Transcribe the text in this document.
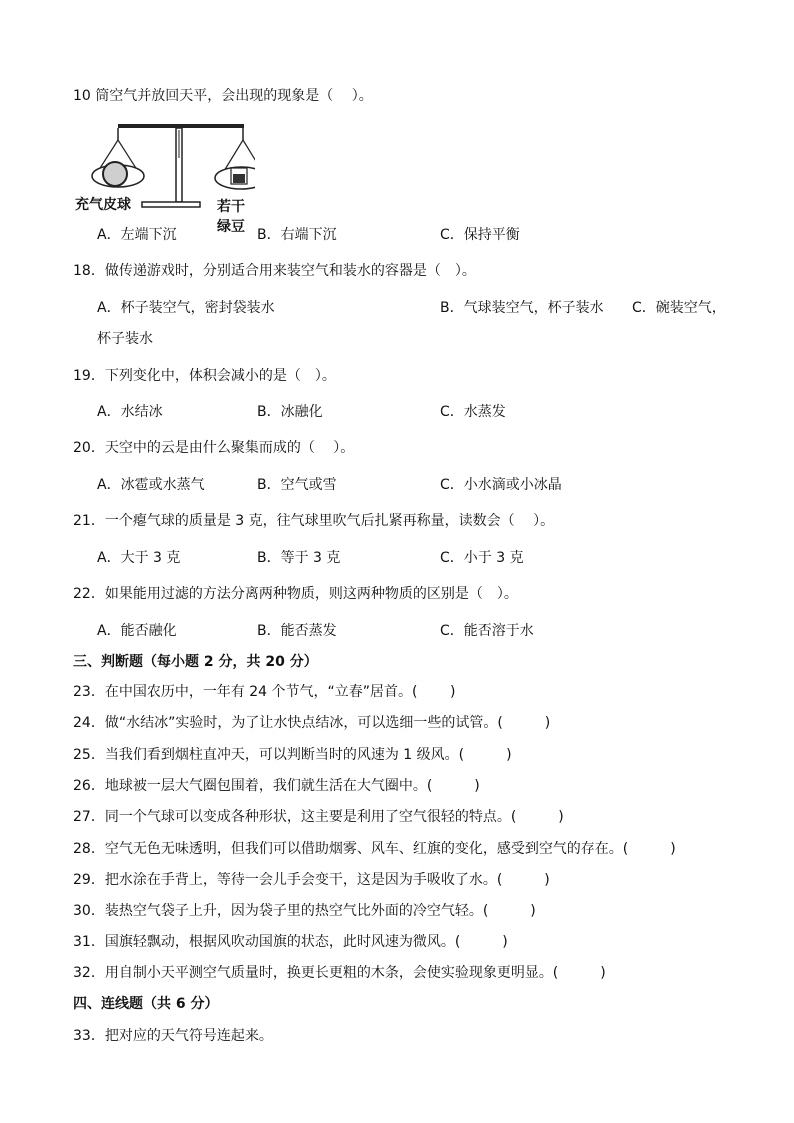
10 筒空气并放回天平，会出现的现象是（　 ）。
充气皮球	若干绿豆
A．左端下沉	B．右端下沉	C．保持平衡
18．做传递游戏时，分别适合用来装空气和装水的容器是（　）。
A．杯子装空气，密封袋装水	B．气球装空气，杯子装水 C．碗装空气，
杯子装水
19．下列变化中，体积会减小的是（　）。
A．水结冰	B．冰融化	C．水蒸发
20．天空中的云是由什么聚集而成的（　 ）。
A．冰雹或水蒸气	B．空气或雪	C．小水滴或小冰晶
21．一个瘪气球的质量是 3 克，往气球里吹气后扎紧再称量，读数会（　 ）。
A．大于 3 克	B．等于 3 克	C．小于 3 克
22．如果能用过滤的方法分离两种物质，则这两种物质的区别是（　）。
A．能否融化	B．能否蒸发	C．能否溶于水
三、判断题（每小题 2 分，共 20 分）
23．在中国农历中，一年有 24 个节气，“立春”居首。(　　 )
24．做“水结冰”实验时，为了让水快点结冰，可以选细一些的试管。(　　　)
25．当我们看到烟柱直冲天，可以判断当时的风速为 1 级风。(　　　)
26．地球被一层大气圈包围着，我们就生活在大气圈中。(　　　)
27．同一个气球可以变成各种形状，这主要是利用了空气很轻的特点。(　　　)
28．空气无色无味透明，但我们可以借助烟雾、风车、红旗的变化，感受到空气的存在。(　　　)
29．把水涂在手背上，等待一会儿手会变干，这是因为手吸收了水。(　　　)
30．装热空气袋子上升，因为袋子里的热空气比外面的冷空气轻。(　　　)
31．国旗轻飘动，根据风吹动国旗的状态，此时风速为微风。(　　　)
32．用自制小天平测空气质量时，换更长更粗的木条，会使实验现象更明显。(　　　)
四、连线题（共 6 分）
33．把对应的天气符号连起来。
